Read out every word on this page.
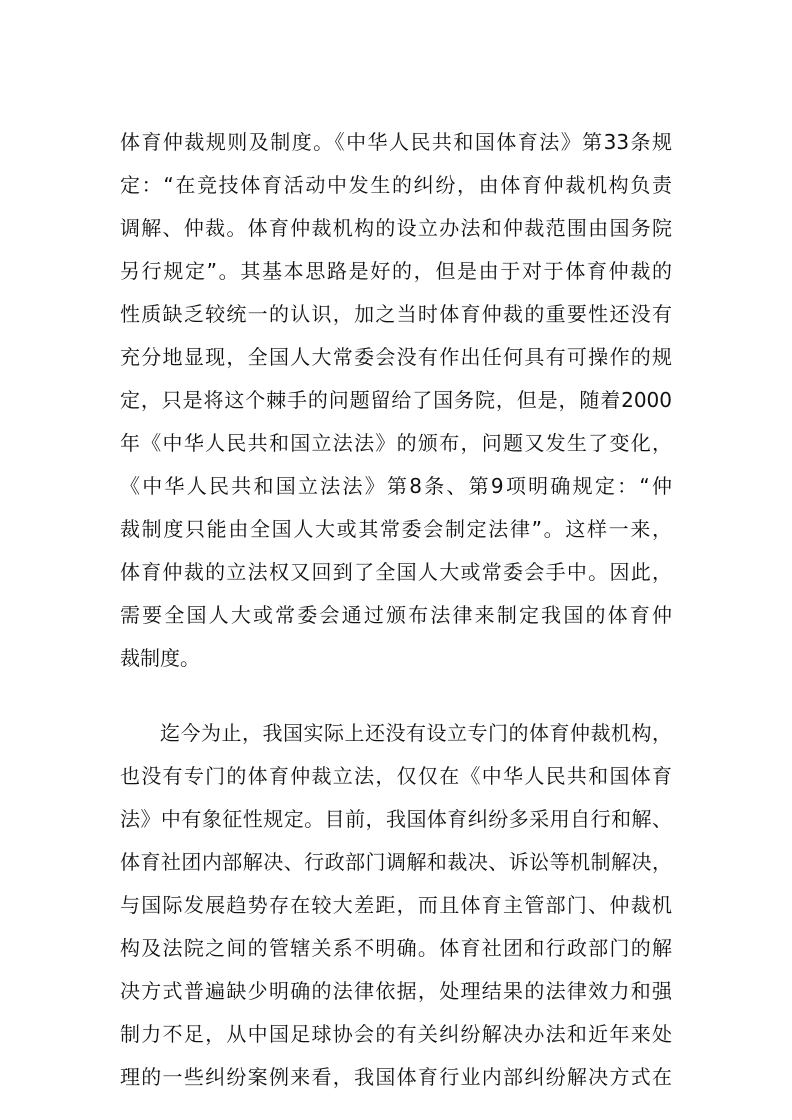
体育仲裁规则及制度。《中华人民共和国体育法》第33条规
定：“在竞技体育活动中发生的纠纷，由体育仲裁机构负责
调解、仲裁。体育仲裁机构的设立办法和仲裁范围由国务院
另行规定”。其基本思路是好的，但是由于对于体育仲裁的
性质缺乏较统一的认识，加之当时体育仲裁的重要性还没有
充分地显现，全国人大常委会没有作出任何具有可操作的规
定，只是将这个棘手的问题留给了国务院，但是，随着2000
年《中华人民共和国立法法》的颁布，问题又发生了变化，
《中华人民共和国立法法》第8条、第9项明确规定：“仲
裁制度只能由全国人大或其常委会制定法律”。这样一来，
体育仲裁的立法权又回到了全国人大或常委会手中。因此，
需要全国人大或常委会通过颁布法律来制定我国的体育仲
裁制度。
迄今为止，我国实际上还没有设立专门的体育仲裁机构，
也没有专门的体育仲裁立法，仅仅在《中华人民共和国体育
法》中有象征性规定。目前，我国体育纠纷多采用自行和解、
体育社团内部解决、行政部门调解和裁决、诉讼等机制解决，
与国际发展趋势存在较大差距，而且体育主管部门、仲裁机
构及法院之间的管辖关系不明确。体育社团和行政部门的解
决方式普遍缺少明确的法律依据，处理结果的法律效力和强
制力不足，从中国足球协会的有关纠纷解决办法和近年来处
理的一些纠纷案例来看，我国体育行业内部纠纷解决方式在
